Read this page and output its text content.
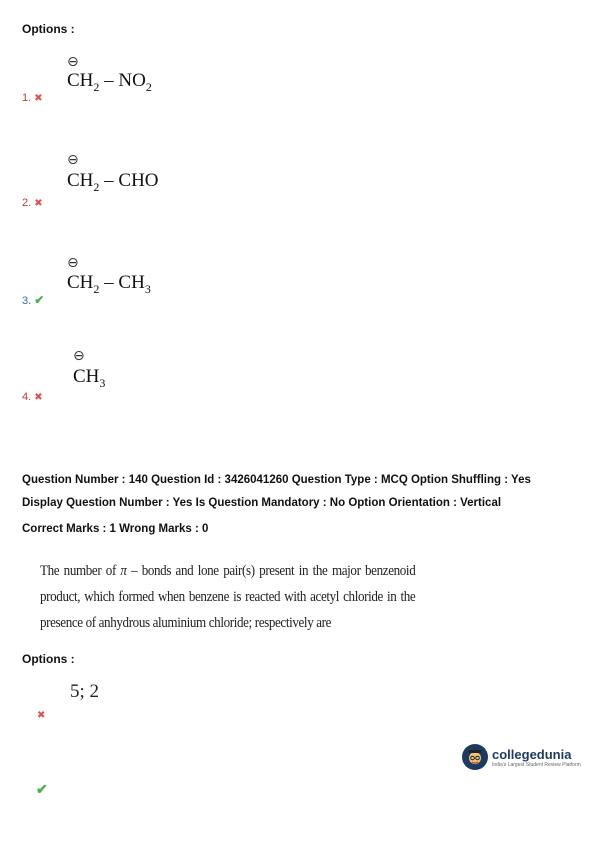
Options :
⊖
$CH_2 - NO_2$
1. ✖
⊖
$CH_2$ – CHO
2. ✖
⊖
$CH_2 - CH_3$
3. ✔
⊖
$CH_3$
4. ✖
Question Number : 140 Question Id : 3426041260 Question Type : MCQ Option Shuffling : Yes
Display Question Number : Yes Is Question Mandatory : No Option Orientation : Vertical
Correct Marks : 1 Wrong Marks : 0
The number of π – bonds and lone pair(s) present in the major benzenoid product, which formed when benzene is reacted with acetyl chloride in the presence of anhydrous aluminium chloride; respectively are
Options :
5; 2
✖
✔
collegedunia
India's Largest Student Review Platform
